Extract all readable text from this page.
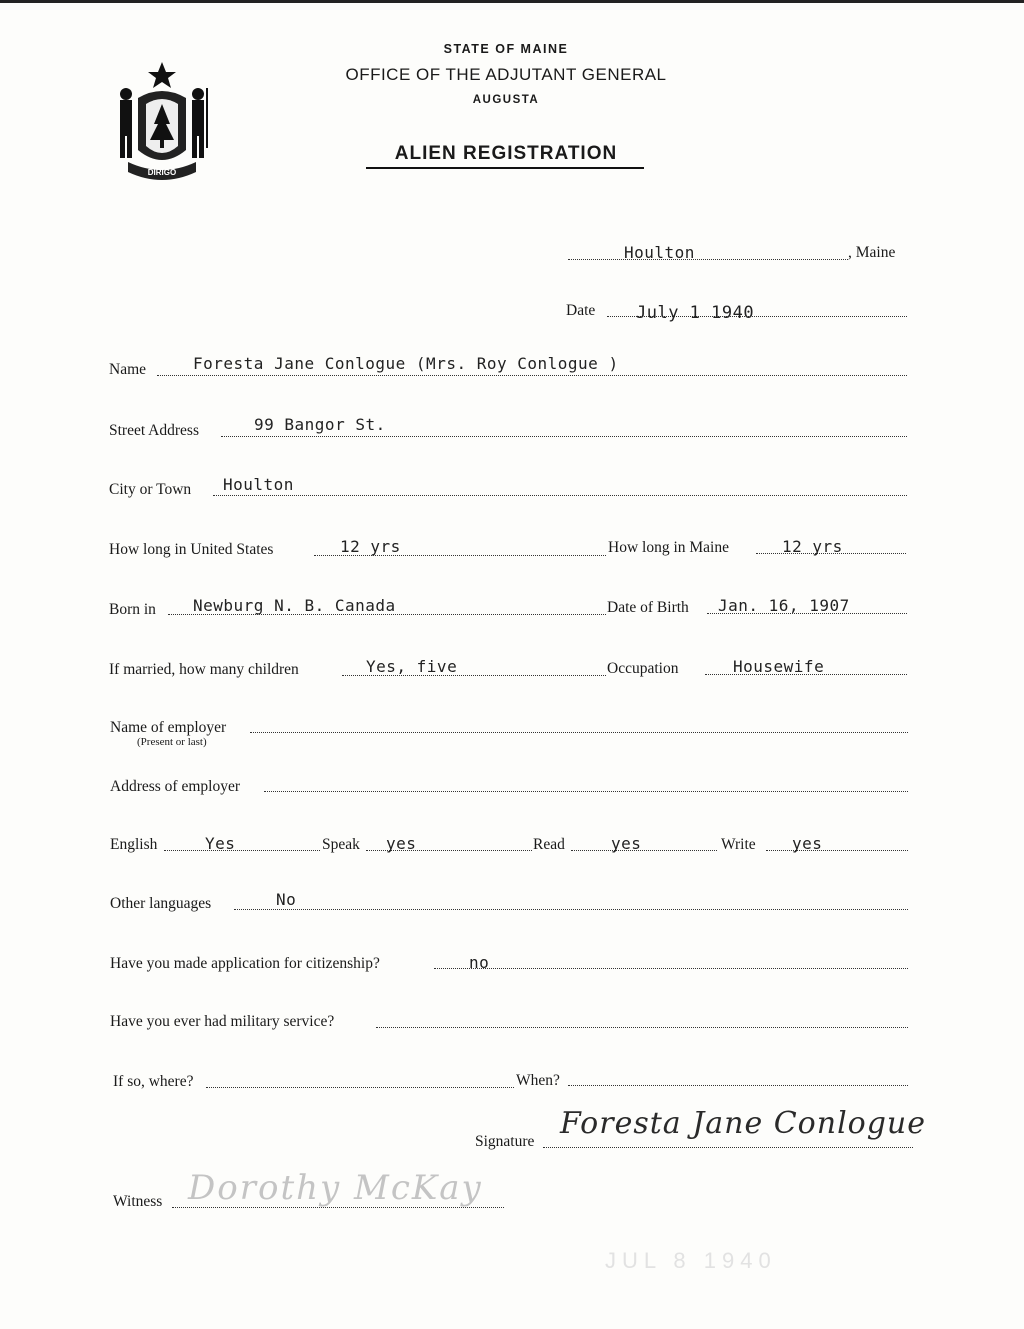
DIRIGO
STATE OF MAINE
OFFICE OF THE ADJUTANT GENERAL
AUGUSTA
ALIEN REGISTRATION
Houlton	, Maine
Date July 1 1940
Name	Foresta Jane Conlogue (Mrs. Roy Conlogue )
Street Address	99 Bangor St.
City or Town Houlton
How long in United States	12 yrs	How long in Maine	12 yrs
Born in Newburg N. B. Canada	Date of Birth Jan. 16, 1907
If married, how many children	Yes, five	Occupation	Housewife
Name of employer
(Present or last)
Address of employer
English	Yes	Speak yes	Read	yes	Write yes
Other languages	No
Have you made application for citizenship?	no
Have you ever had military service?
If so, where?	When?
Signature
Foresta Jane Conlogue
Witness Dorothy McKay
JUL 8 1940
